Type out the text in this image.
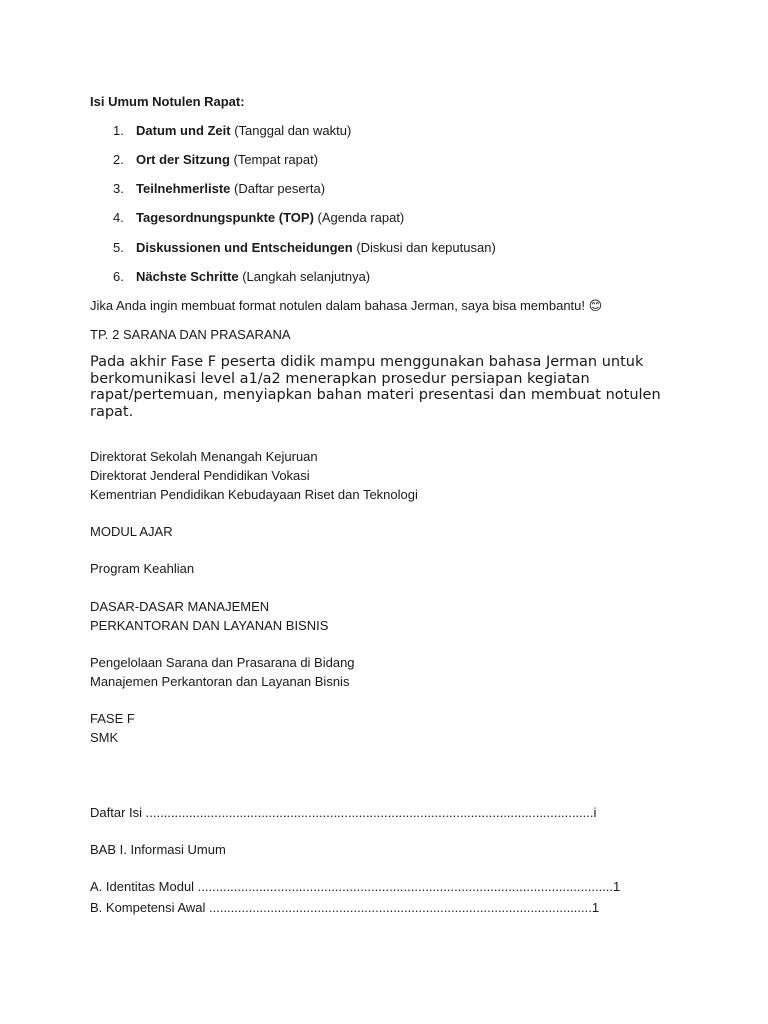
Isi Umum Notulen Rapat:
1. Datum und Zeit (Tanggal dan waktu)
2. Ort der Sitzung (Tempat rapat)
3. Teilnehmerliste (Daftar peserta)
4. Tagesordnungspunkte (TOP) (Agenda rapat)
5. Diskussionen und Entscheidungen (Diskusi dan keputusan)
6. Nächste Schritte (Langkah selanjutnya)
Jika Anda ingin membuat format notulen dalam bahasa Jerman, saya bisa membantu! 😊
TP. 2 SARANA DAN PRASARANA
Pada akhir Fase F peserta didik mampu menggunakan bahasa Jerman untuk berkomunikasi level a1/a2 menerapkan prosedur persiapan kegiatan rapat/pertemuan, menyiapkan bahan materi presentasi dan membuat notulen rapat.
Direktorat Sekolah Menangah Kejuruan
Direktorat Jenderal Pendidikan Vokasi
Kementrian Pendidikan Kebudayaan Riset dan Teknologi
MODUL AJAR
Program Keahlian
DASAR-DASAR MANAJEMEN
PERKANTORAN DAN LAYANAN BISNIS
Pengelolaan Sarana dan Prasarana di Bidang
Manajemen Perkantoran dan Layanan Bisnis
FASE F
SMK
Daftar Isi ............................................................................................................................i
BAB I. Informasi Umum
A. Identitas Modul ...................................................................................................................1
B. Kompetensi Awal ..........................................................................................................1
